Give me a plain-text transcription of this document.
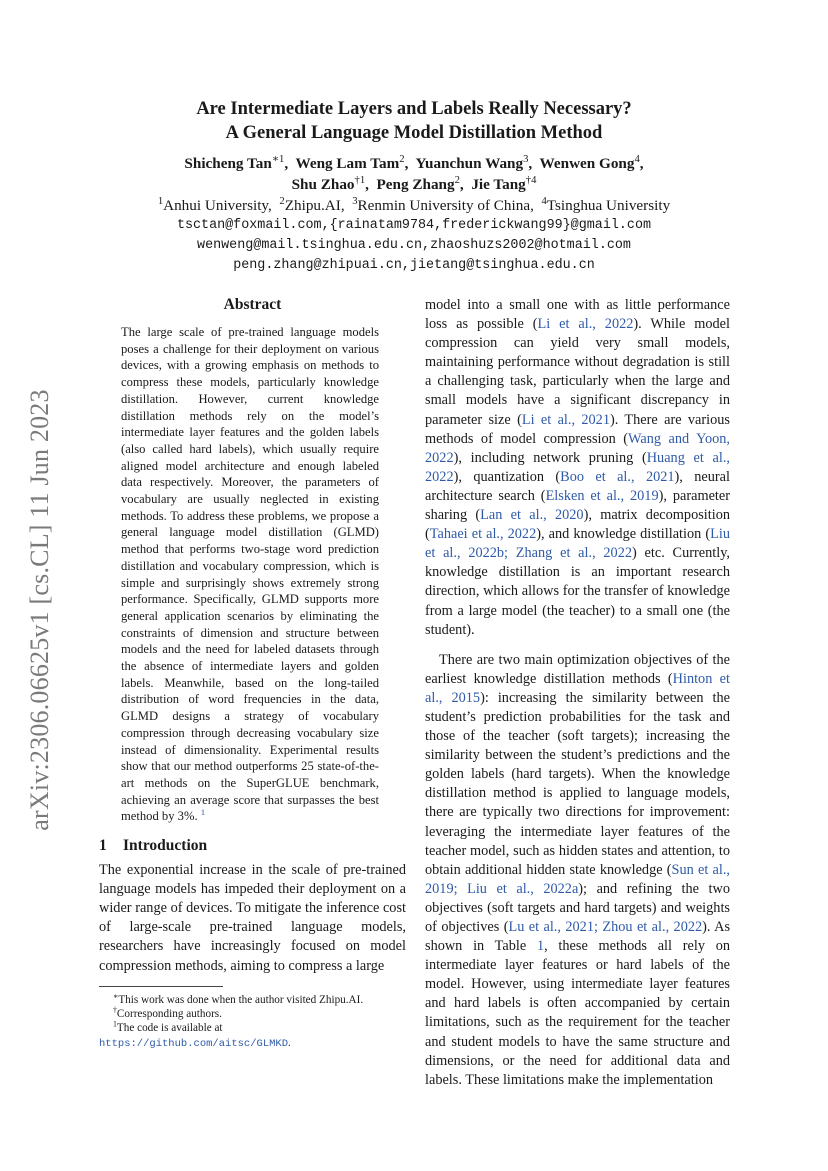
arXiv:2306.06625v1 [cs.CL] 11 Jun 2023
Are Intermediate Layers and Labels Really Necessary?
A General Language Model Distillation Method
Shicheng Tan$^{∗1}$,  Weng Lam Tam$^2$,  Yuanchun Wang$^3$,  Wenwen Gong$^4$,
Shu Zhao$^{\dagger 1}$,  Peng Zhang$^2$,  Jie Tang$^{\dagger 4}$
$^1$Anhui University, $^2$Zhipu.AI, $^3$Renmin University of China, $^4$Tsinghua University
tsctan@foxmail.com,{rainatam9784,frederickwang99}@gmail.com
wenweng@mail.tsinghua.edu.cn,zhaoshuzs2002@hotmail.com
peng.zhang@zhipuai.cn,jietang@tsinghua.edu.cn
Abstract

The large scale of pre-trained language models poses a challenge for their deployment on various devices, with a growing emphasis on methods to compress these models, particularly knowledge distillation. However, current knowledge distillation methods rely on the model’s intermediate layer features and the golden labels (also called hard labels), which usually require aligned model architecture and enough labeled data respectively. Moreover, the parameters of vocabulary are usually neglected in existing methods. To address these problems, we propose a general language model distillation (GLMD) method that performs two-stage word prediction distillation and vocabulary compression, which is simple and surprisingly shows extremely strong performance. Specifically, GLMD supports more general application scenarios by eliminating the constraints of dimension and structure between models and the need for labeled datasets through the absence of intermediate layers and golden labels. Meanwhile, based on the long-tailed distribution of word frequencies in the data, GLMD designs a strategy of vocabulary compression through decreasing vocabulary size instead of dimensionality. Experimental results show that our method outperforms 25 state-of-the-art methods on the SuperGLUE benchmark, achieving an average score that surpasses the best method by 3%. $^1$

1 Introduction

The exponential increase in the scale of pre-trained language models has impeded their deployment on a wider range of devices. To mitigate the inference cost of large-scale pre-trained language models, researchers have increasingly focused on model compression methods, aiming to compress a large

∗This work was done when the author visited Zhipu.AI.

†Corresponding authors.

$^1$The code is available at https://github.com/aitsc/GLMKD.

model into a small one with as little performance loss as possible (Li et al., 2022). While model compression can yield very small models, maintaining performance without degradation is still a challenging task, particularly when the large and small models have a significant discrepancy in parameter size (Li et al., 2021). There are various methods of model compression (Wang and Yoon, 2022), including network pruning (Huang et al., 2022), quantization (Boo et al., 2021), neural architecture search (Elsken et al., 2019), parameter sharing (Lan et al., 2020), matrix decomposition (Tahaei et al., 2022), and knowledge distillation (Liu et al., 2022b; Zhang et al., 2022) etc. Currently, knowledge distillation is an important research direction, which allows for the transfer of knowledge from a large model (the teacher) to a small one (the student).

There are two main optimization objectives of the earliest knowledge distillation methods (Hinton et al., 2015): increasing the similarity between the student’s prediction probabilities for the task and those of the teacher (soft targets); increasing the similarity between the student’s predictions and the golden labels (hard targets). When the knowledge distillation method is applied to language models, there are typically two directions for improvement: leveraging the intermediate layer features of the teacher model, such as hidden states and attention, to obtain additional hidden state knowledge (Sun et al., 2019; Liu et al., 2022a); and refining the two objectives (soft targets and hard targets) and weights of objectives (Lu et al., 2021; Zhou et al., 2022). As shown in Table 1, these methods all rely on intermediate layer features or hard labels of the model. However, using intermediate layer features and hard labels is often accompanied by certain limitations, such as the requirement for the teacher and student models to have the same structure and dimensions, or the need for additional data and labels. These limitations make the implementation
